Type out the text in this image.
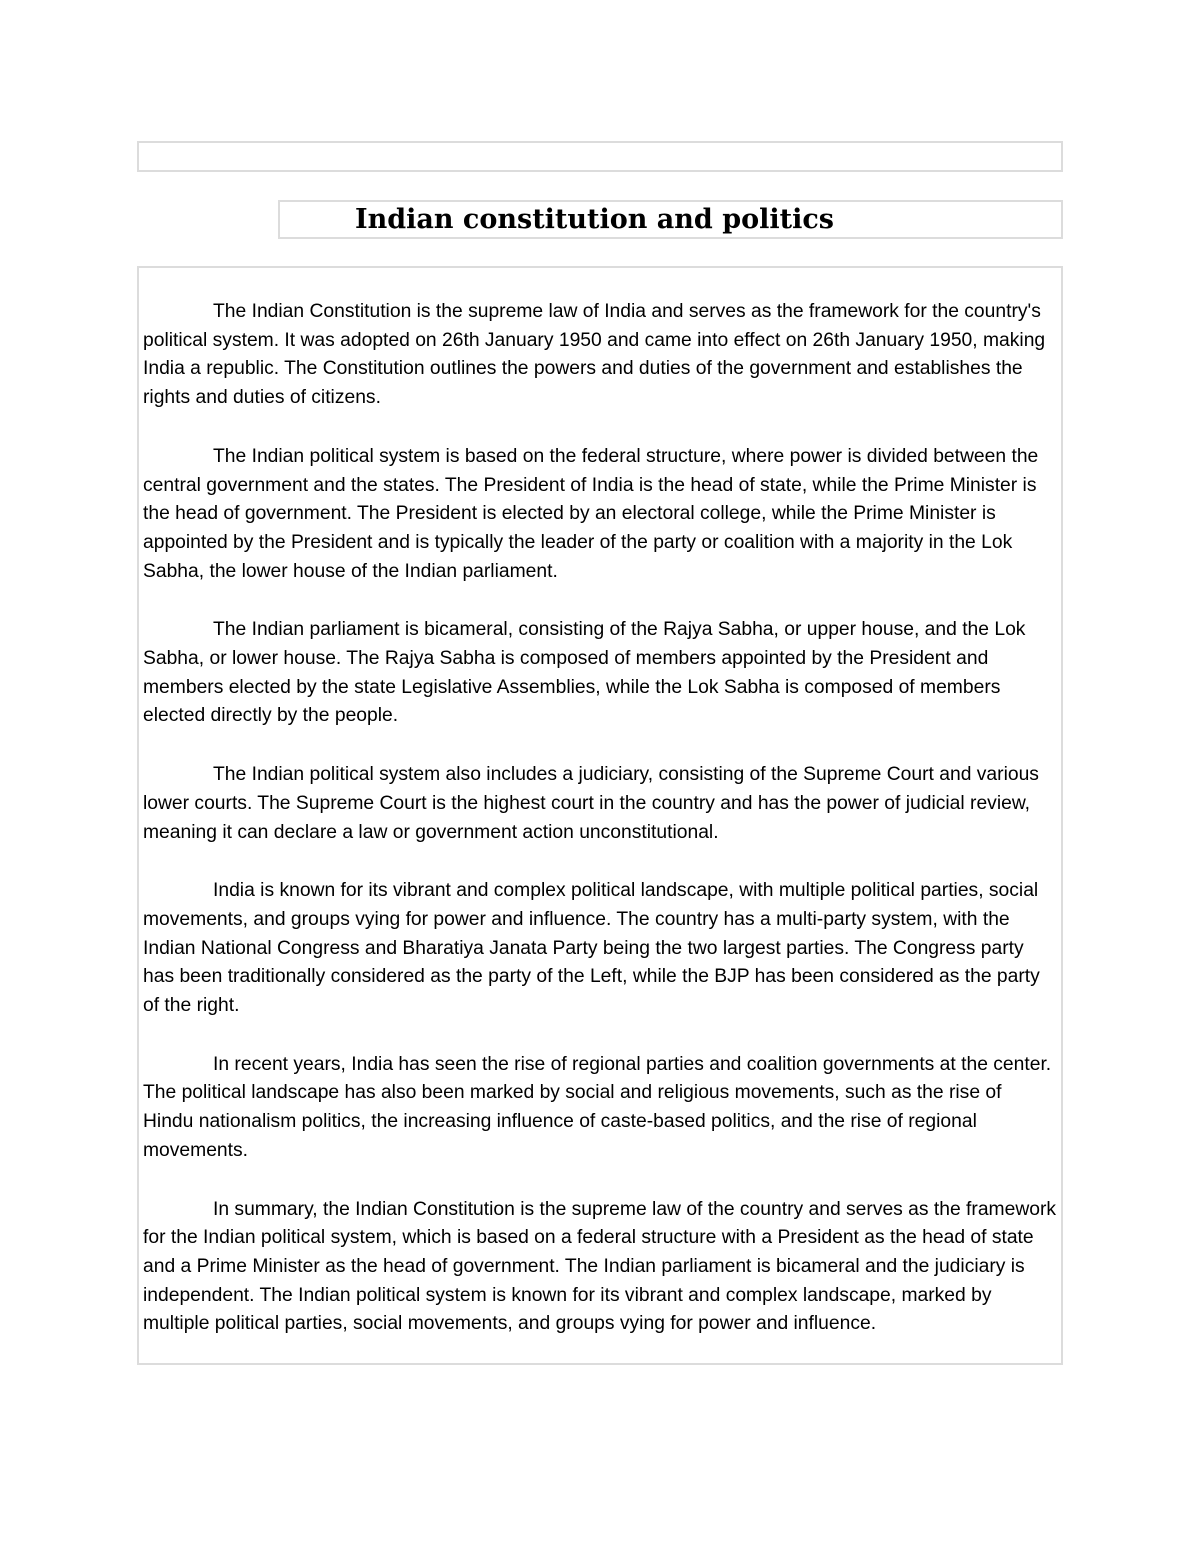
Indian constitution and politics

The Indian Constitution is the supreme law of India and serves as the framework for the country's political system. It was adopted on 26th January 1950 and came into effect on 26th January 1950, making India a republic. The Constitution outlines the powers and duties of the government and establishes the rights and duties of citizens.

The Indian political system is based on the federal structure, where power is divided between the central government and the states. The President of India is the head of state, while the Prime Minister is the head of government. The President is elected by an electoral college, while the Prime Minister is appointed by the President and is typically the leader of the party or coalition with a majority in the Lok Sabha, the lower house of the Indian parliament.

The Indian parliament is bicameral, consisting of the Rajya Sabha, or upper house, and the Lok Sabha, or lower house. The Rajya Sabha is composed of members appointed by the President and members elected by the state Legislative Assemblies, while the Lok Sabha is composed of members elected directly by the people.

The Indian political system also includes a judiciary, consisting of the Supreme Court and various lower courts. The Supreme Court is the highest court in the country and has the power of judicial review, meaning it can declare a law or government action unconstitutional.

India is known for its vibrant and complex political landscape, with multiple political parties, social movements, and groups vying for power and influence. The country has a multi-party system, with the Indian National Congress and Bharatiya Janata Party being the two largest parties. The Congress party has been traditionally considered as the party of the Left, while the BJP has been considered as the party of the right.

In recent years, India has seen the rise of regional parties and coalition governments at the center. The political landscape has also been marked by social and religious movements, such as the rise of Hindu nationalism politics, the increasing influence of caste-based politics, and the rise of regional movements.

In summary, the Indian Constitution is the supreme law of the country and serves as the framework for the Indian political system, which is based on a federal structure with a President as the head of state and a Prime Minister as the head of government. The Indian parliament is bicameral and the judiciary is independent. The Indian political system is known for its vibrant and complex landscape, marked by multiple political parties, social movements, and groups vying for power and influence.
